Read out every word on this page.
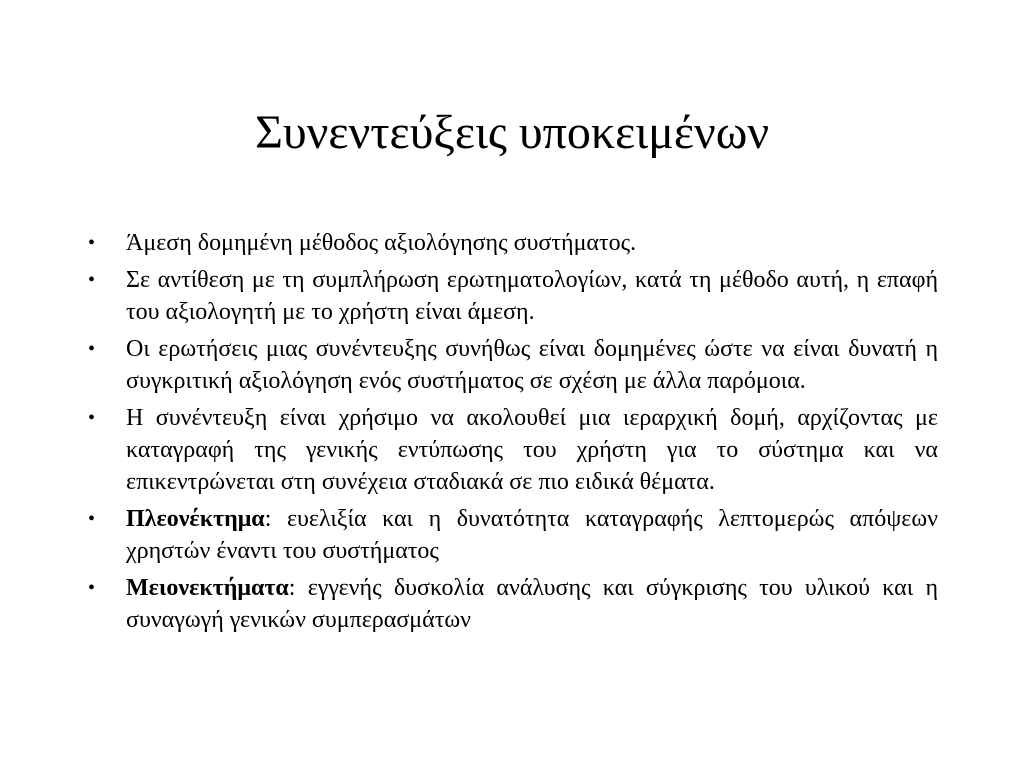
Συνεντεύξεις υποκειμένων
•	Άμεση δομημένη μέθοδος αξιολόγησης συστήματος.
•	Σε αντίθεση με τη συμπλήρωση ερωτηματολογίων, κατά τη μέθοδο αυτή, η επαφή του αξιολογητή με το χρήστη είναι άμεση.
•	Οι ερωτήσεις μιας συνέντευξης συνήθως είναι δομημένες ώστε να είναι δυνατή η συγκριτική αξιολόγηση ενός συστήματος σε σχέση με άλλα παρόμοια.
•	Η συνέντευξη είναι χρήσιμο να ακολουθεί μια ιεραρχική δομή, αρχίζοντας με καταγραφή της γενικής εντύπωσης του χρήστη για το σύστημα και να επικεντρώνεται στη συνέχεια σταδιακά σε πιο ειδικά θέματα.
•	Πλεονέκτημα: ευελιξία και η δυνατότητα καταγραφής λεπτομερώς απόψεων χρηστών έναντι του συστήματος
•	Μειονεκτήματα: εγγενής δυσκολία ανάλυσης και σύγκρισης του υλικού και η συναγωγή γενικών συμπερασμάτων
